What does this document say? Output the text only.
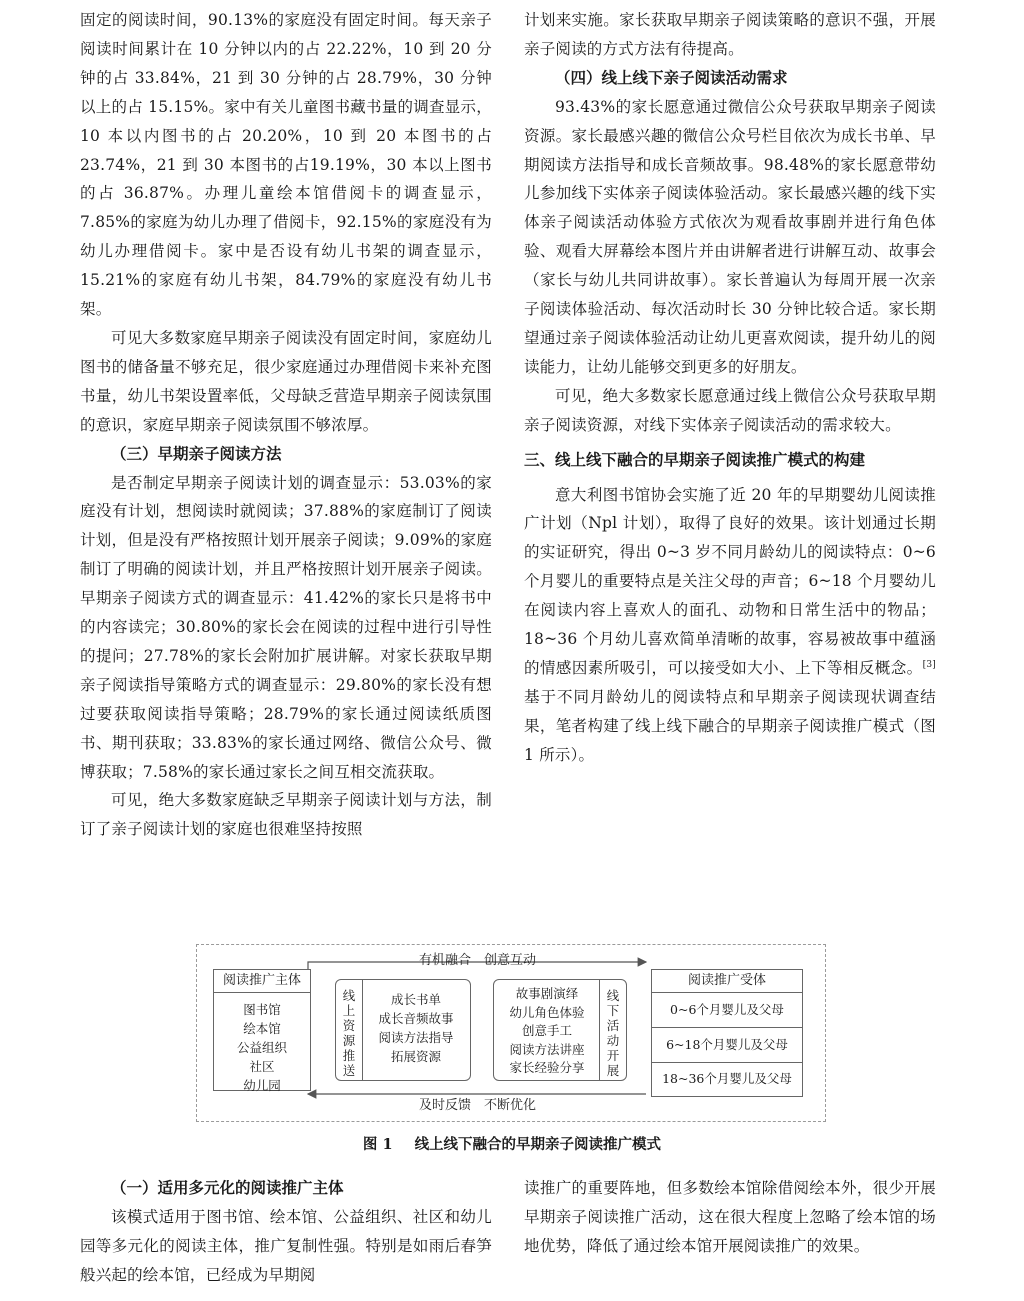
固定的阅读时间，90.13%的家庭没有固定时间。每天亲子阅读时间累计在 10 分钟以内的占 22.22%，10 到 20 分钟的占 33.84%，21 到 30 分钟的占 28.79%，30 分钟以上的占 15.15%。家中有关儿童图书藏书量的调查显示，10 本以内图书的占 20.20%，10 到 20 本图书的占 23.74%，21 到 30 本图书的占19.19%，30 本以上图书的占 36.87%。办理儿童绘本馆借阅卡的调查显示，7.85%的家庭为幼儿办理了借阅卡，92.15%的家庭没有为幼儿办理借阅卡。家中是否设有幼儿书架的调查显示，15.21%的家庭有幼儿书架，84.79%的家庭没有幼儿书架。

可见大多数家庭早期亲子阅读没有固定时间，家庭幼儿图书的储备量不够充足，很少家庭通过办理借阅卡来补充图书量，幼儿书架设置率低，父母缺乏营造早期亲子阅读氛围的意识，家庭早期亲子阅读氛围不够浓厚。

（三）早期亲子阅读方法

是否制定早期亲子阅读计划的调查显示：53.03%的家庭没有计划，想阅读时就阅读；37.88%的家庭制订了阅读计划，但是没有严格按照计划开展亲子阅读；9.09%的家庭制订了明确的阅读计划，并且严格按照计划开展亲子阅读。早期亲子阅读方式的调查显示：41.42%的家长只是将书中的内容读完；30.80%的家长会在阅读的过程中进行引导性的提问；27.78%的家长会附加扩展讲解。对家长获取早期亲子阅读指导策略方式的调查显示：29.80%的家长没有想过要获取阅读指导策略；28.79%的家长通过阅读纸质图书、期刊获取；33.83%的家长通过网络、微信公众号、微博获取；7.58%的家长通过家长之间互相交流获取。

可见，绝大多数家庭缺乏早期亲子阅读计划与方法，制订了亲子阅读计划的家庭也很难坚持按照

计划来实施。家长获取早期亲子阅读策略的意识不强，开展亲子阅读的方式方法有待提高。

（四）线上线下亲子阅读活动需求

93.43%的家长愿意通过微信公众号获取早期亲子阅读资源。家长最感兴趣的微信公众号栏目依次为成长书单、早期阅读方法指导和成长音频故事。98.48%的家长愿意带幼儿参加线下实体亲子阅读体验活动。家长最感兴趣的线下实体亲子阅读活动体验方式依次为观看故事剧并进行角色体验、观看大屏幕绘本图片并由讲解者进行讲解互动、故事会（家长与幼儿共同讲故事）。家长普遍认为每周开展一次亲子阅读体验活动、每次活动时长 30 分钟比较合适。家长期望通过亲子阅读体验活动让幼儿更喜欢阅读，提升幼儿的阅读能力，让幼儿能够交到更多的好朋友。

可见，绝大多数家长愿意通过线上微信公众号获取早期亲子阅读资源，对线下实体亲子阅读活动的需求较大。

三、线上线下融合的早期亲子阅读推广模式的构建

意大利图书馆协会实施了近 20 年的早期婴幼儿阅读推广计划（Npl 计划），取得了良好的效果。该计划通过长期的实证研究，得出 0~3 岁不同月龄幼儿的阅读特点：0~6 个月婴儿的重要特点是关注父母的声音；6~18 个月婴幼儿在阅读内容上喜欢人的面孔、动物和日常生活中的物品；18~36 个月幼儿喜欢简单清晰的故事，容易被故事中蕴涵的情感因素所吸引，可以接受如大小、上下等相反概念。[3]基于不同月龄幼儿的阅读特点和早期亲子阅读现状调查结果，笔者构建了线上线下融合的早期亲子阅读推广模式（图 1 所示）。

有机融合　创意互动
及时反馈　不断优化
阅读推广主体
图书馆
绘本馆
公益组织
社区
幼儿园
线上资源推送
成长书单
成长音频故事
阅读方法指导
拓展资源
故事剧演绎
幼儿角色体验
创意手工
阅读方法讲座
家长经验分享
线下活动开展
阅读推广受体
0~6个月婴儿及父母
6~18个月婴儿及父母
18~36个月婴儿及父母
图 1 线上线下融合的早期亲子阅读推广模式
（一）适用多元化的阅读推广主体

该模式适用于图书馆、绘本馆、公益组织、社区和幼儿园等多元化的阅读主体，推广复制性强。特别是如雨后春笋般兴起的绘本馆，已经成为早期阅

读推广的重要阵地，但多数绘本馆除借阅绘本外，很少开展早期亲子阅读推广活动，这在很大程度上忽略了绘本馆的场地优势，降低了通过绘本馆开展阅读推广的效果。
